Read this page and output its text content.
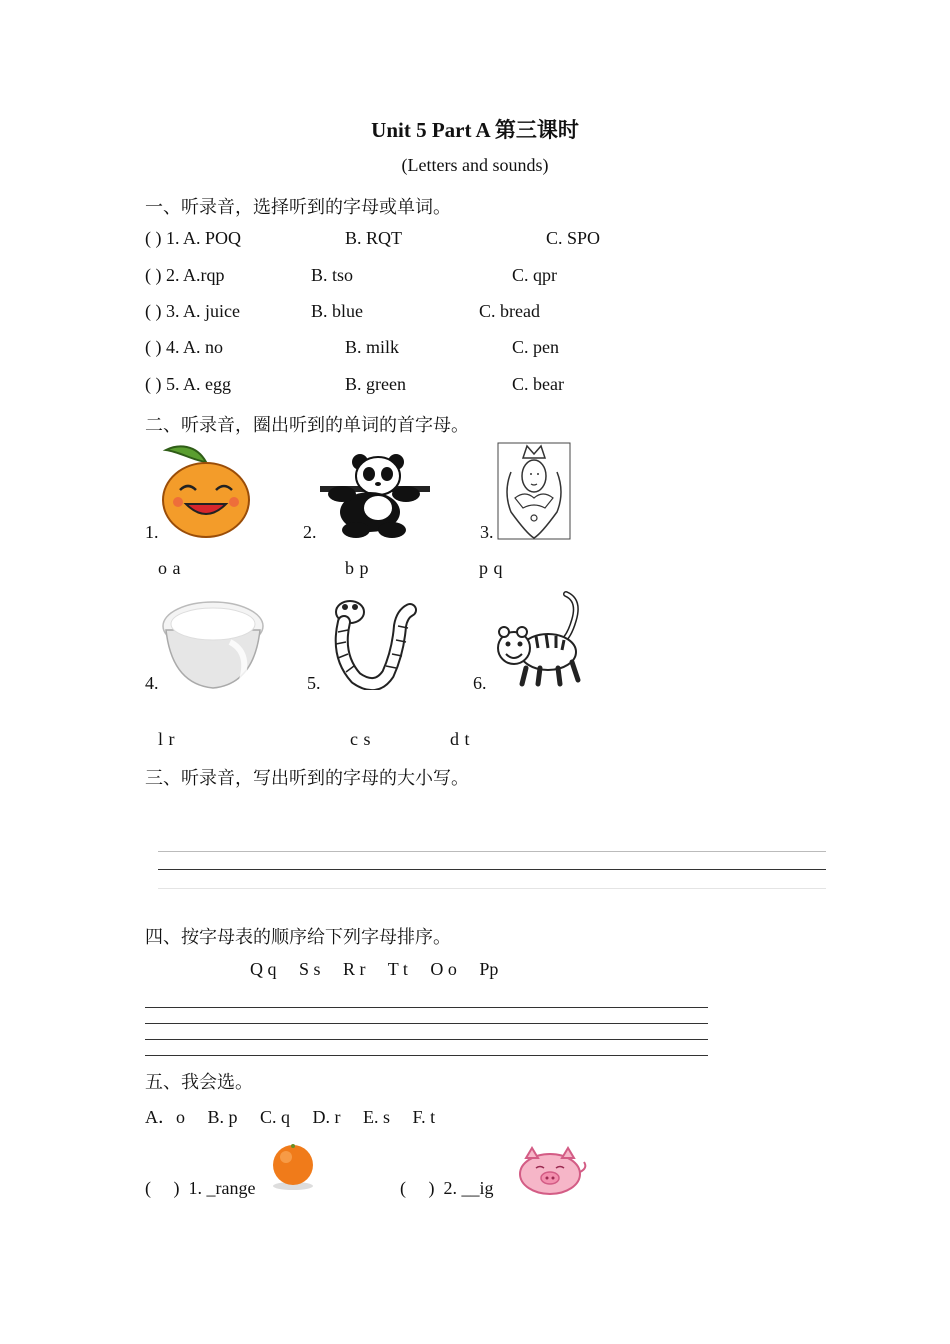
Unit 5 Part A 第三课时
(Letters and sounds)
一、听录音，选择听到的字母或单词。
( ) 1. A. POQ	B. RQT	C. SPO
( ) 2. A.rqp	B. tso	C. qpr
( ) 3. A. juice	B. blue	C. bread
( ) 4. A. no	B. milk	C. pen
( ) 5. A. egg	B. green	C. bear
二、听录音，圈出听到的单词的首字母。
1.	2.	3.
o a	b p	p q
4.	5.	6.
l r	c s	d t
三、听录音，写出听到的字母的大小写。
四、按字母表的顺序给下列字母排序。
Q q     S s     R r     T t     O o     Pp
五、我会选。
A．o     B. p     C. q     D. r     E. s     F. t
(     )  1. _range	(     )  2. __ig
